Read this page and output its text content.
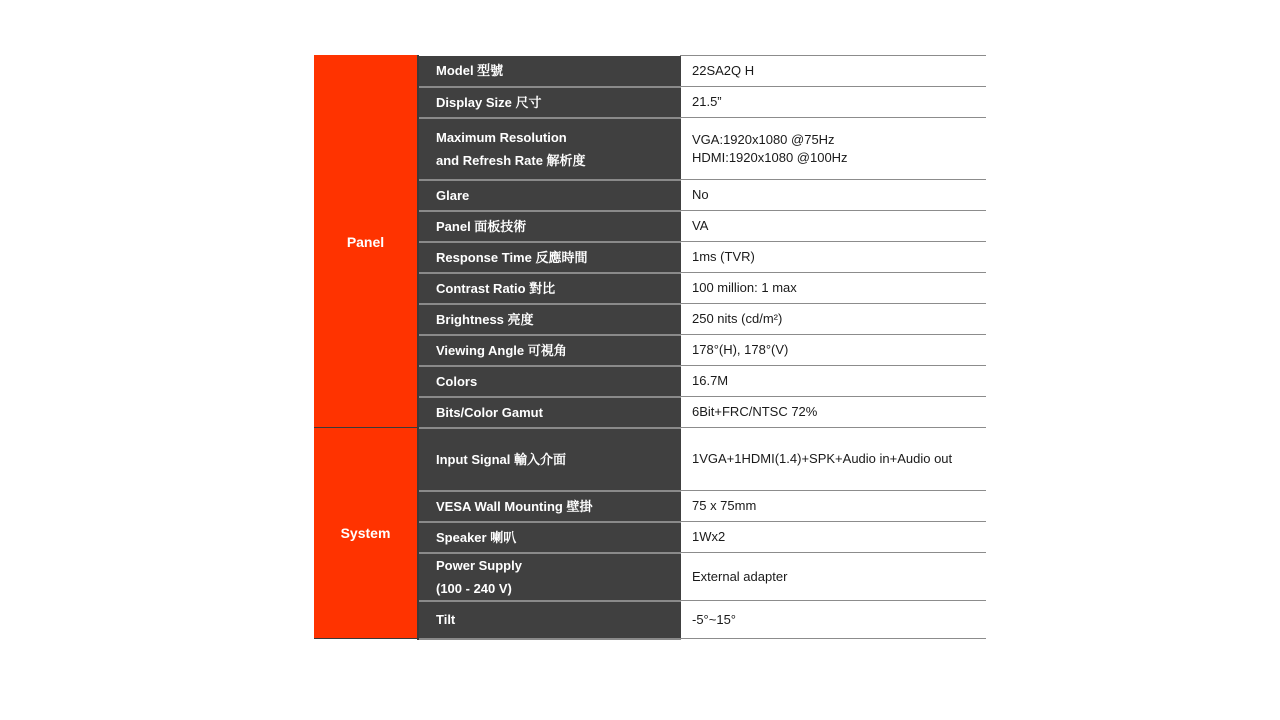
Panel	Model 型號	22SA2Q H

	Display Size 尺寸	21.5”

	Maximum Resolution
and Refresh Rate 解析度	VGA:1920x1080 @75Hz
HDMI:1920x1080 @100Hz

	Glare	No

	Panel 面板技術	VA

	Response Time 反應時間	1ms (TVR)

	Contrast Ratio 對比	100 million: 1 max

	Brightness 亮度	250 nits (cd/m²)

	Viewing Angle 可視角	178°(H), 178°(V)

	Colors	16.7M

	Bits/Color Gamut	6Bit+FRC/NTSC 72%

System	Input Signal 輸入介面	1VGA+1HDMI(1.4)+SPK+Audio in+Audio out

	VESA Wall Mounting 壁掛	75 x 75mm

	Speaker 喇叭	1Wx2

	Power Supply
(100 - 240 V)	External adapter

	Tilt	-5°~15°
